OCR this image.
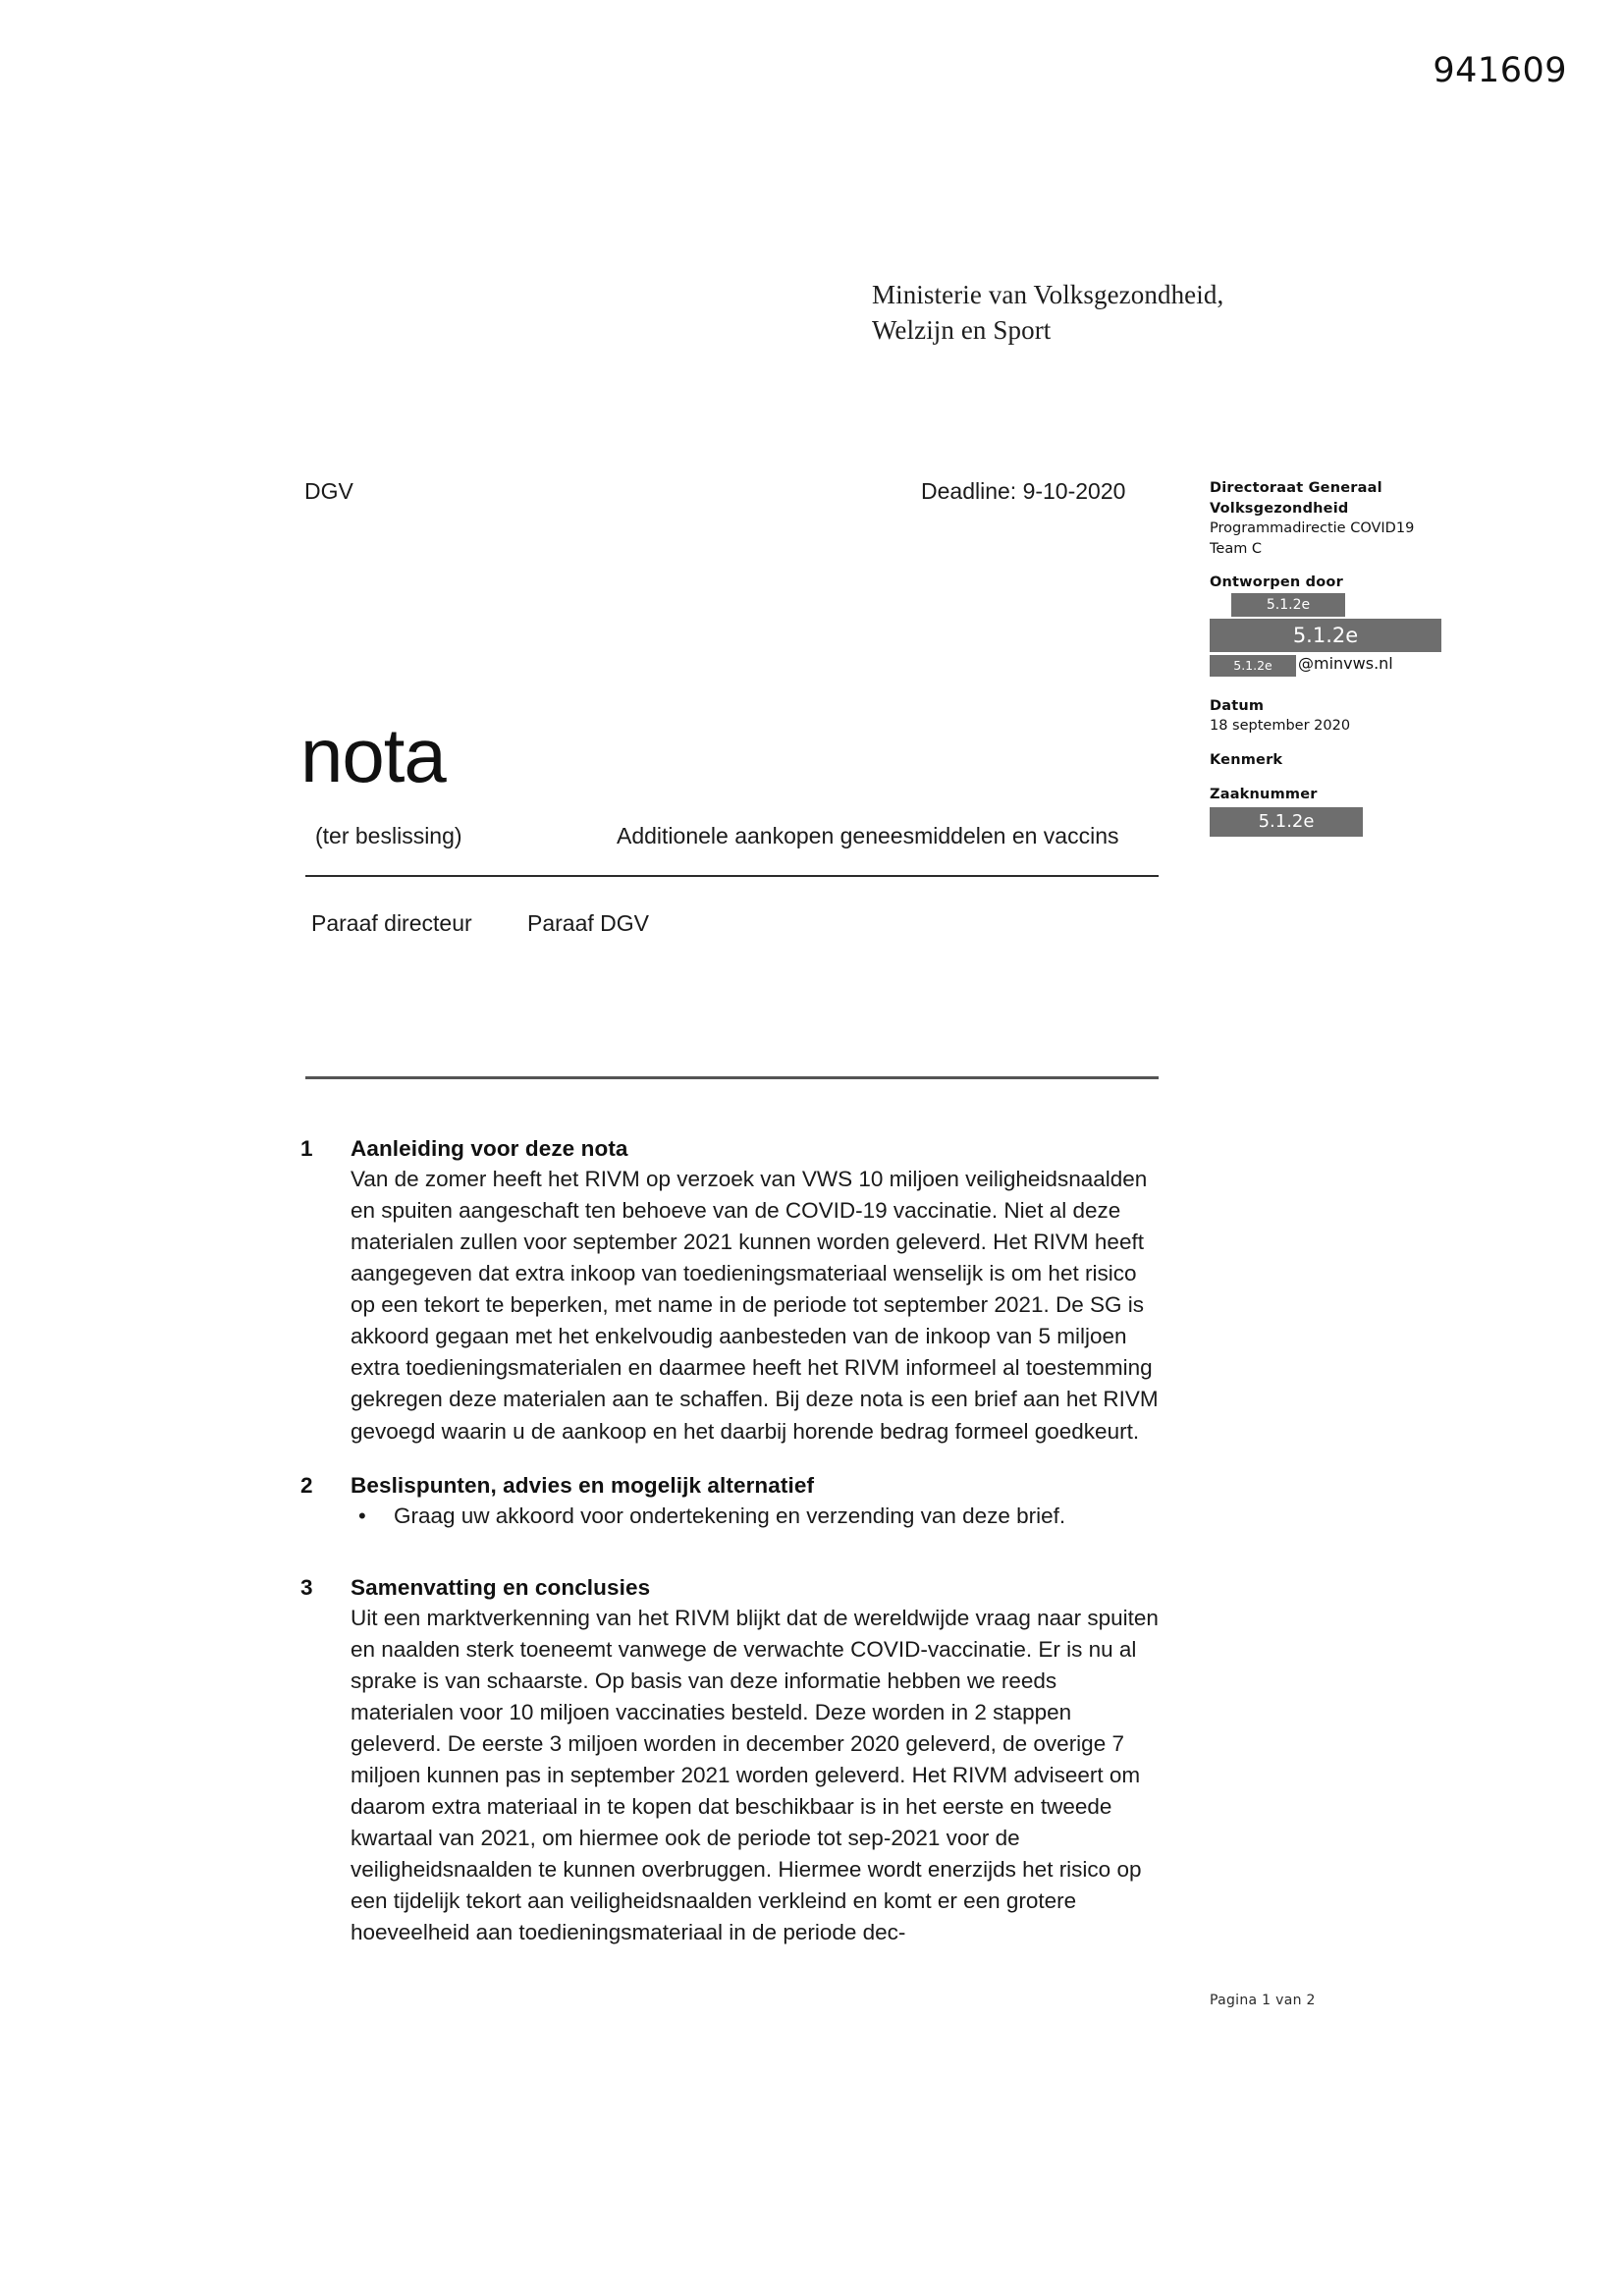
941609
Ministerie van Volksgezondheid,
Welzijn en Sport
DGV	Deadline: 9-10-2020	Directoraat Generaal
Volksgezondheid
Programmadirectie COVID19
Team C
Ontworpen door
5.1.2e
5.1.2e
5.1.2e @minvws.nl
Datum
18 september 2020
Kenmerk
Zaaknummer
5.1.2e
nota
(ter beslissing)	Additionele aankopen geneesmiddelen en vaccins
Paraaf directeur Paraaf DGV
1	Aanleiding voor deze nota
Van de zomer heeft het RIVM op verzoek van VWS 10 miljoen veiligheidsnaalden en spuiten aangeschaft ten behoeve van de COVID-19 vaccinatie. Niet al deze materialen zullen voor september 2021 kunnen worden geleverd. Het RIVM heeft aangegeven dat extra inkoop van toedieningsmateriaal wenselijk is om het risico op een tekort te beperken, met name in de periode tot september 2021. De SG is akkoord gegaan met het enkelvoudig aanbesteden van de inkoop van 5 miljoen extra toedieningsmaterialen en daarmee heeft het RIVM informeel al toestemming gekregen deze materialen aan te schaffen. Bij deze nota is een brief aan het RIVM gevoegd waarin u de aankoop en het daarbij horende bedrag formeel goedkeurt.
2	Beslispunten, advies en mogelijk alternatief
• Graag uw akkoord voor ondertekening en verzending van deze brief.
3	Samenvatting en conclusies
Uit een marktverkenning van het RIVM blijkt dat de wereldwijde vraag naar spuiten en naalden sterk toeneemt vanwege de verwachte COVID-vaccinatie. Er is nu al sprake is van schaarste. Op basis van deze informatie hebben we reeds materialen voor 10 miljoen vaccinaties besteld. Deze worden in 2 stappen geleverd. De eerste 3 miljoen worden in december 2020 geleverd, de overige 7 miljoen kunnen pas in september 2021 worden geleverd. Het RIVM adviseert om daarom extra materiaal in te kopen dat beschikbaar is in het eerste en tweede kwartaal van 2021, om hiermee ook de periode tot sep-2021 voor de veiligheidsnaalden te kunnen overbruggen. Hiermee wordt enerzijds het risico op een tijdelijk tekort aan veiligheidsnaalden verkleind en komt er een grotere hoeveelheid aan toedieningsmateriaal in de periode dec-
Pagina 1 van 2
